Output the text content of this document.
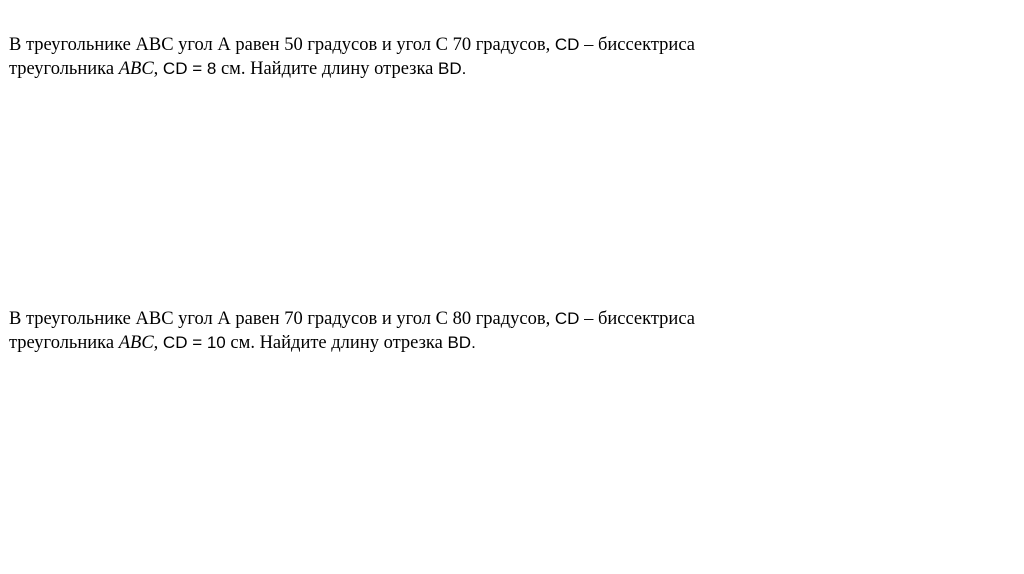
В треугольнике АВС угол А равен 50 градусов и угол С 70 градусов, CD – биссектриса
треугольника ABC, CD = 8 см. Найдите длину отрезка BD.
В треугольнике АВС угол А равен 70 градусов и угол С 80 градусов, CD – биссектриса
треугольника ABC, CD = 10 см. Найдите длину отрезка BD.
